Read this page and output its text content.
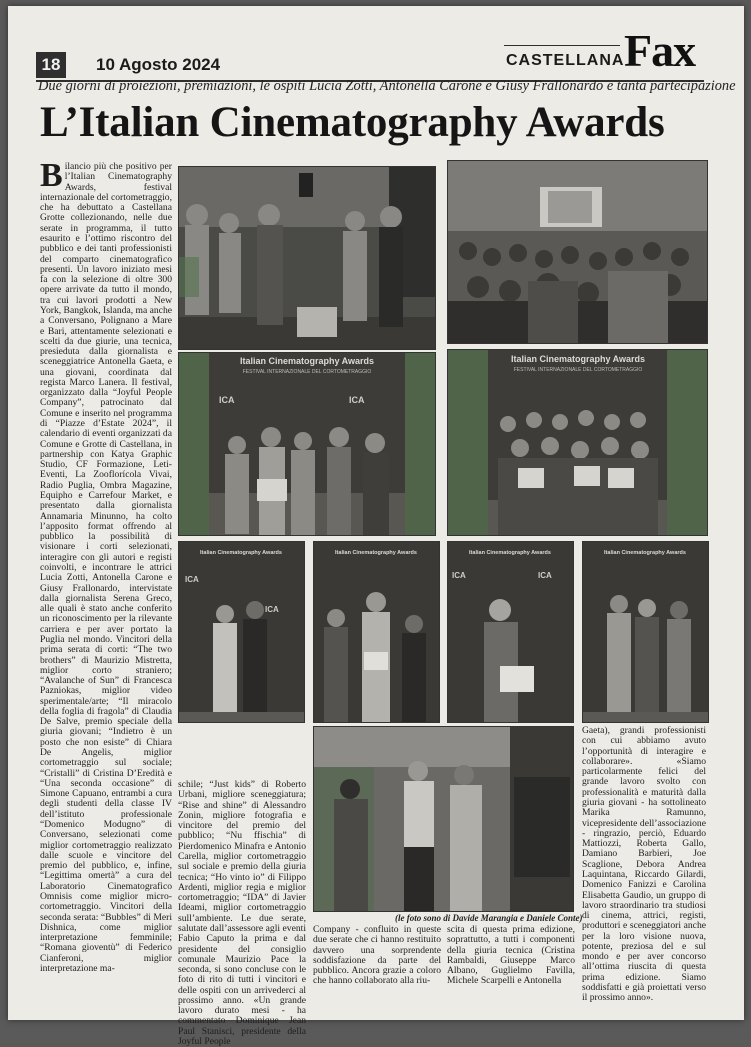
18	10 Agosto 2024	CASTELLANA Fax
Due giorni di proiezioni, premiazioni, le ospiti Lucia Zotti, Antonella Carone e Giusy Frallonardo e tanta partecipazione
L’Italian Cinematography Awards
Bilancio più che positivo per l’Italian Cinematography Awards, festival internazionale del cortometraggio, che ha debuttato a Castellana Grotte collezionando, nelle due serate in programma, il tutto esaurito e l’ottimo riscontro del pubblico e dei tanti professionisti del comparto cinematografico presenti. Un lavoro iniziato mesi fa con la selezione di oltre 300 opere arrivate da tutto il mondo, tra cui lavori prodotti a New York, Bangkok, Islanda, ma anche a Conversano, Polignano a Mare e Bari, attentamente selezionati e scelti da due giurie, una tecnica, presieduta dalla giornalista e sceneggiatrice Antonella Gaeta, e una giovani, coordinata dal regista Marco Lanera. Il festival, organizzato dalla “Joyful People Company”, patrocinato dal Comune e inserito nel programma di “Piazze d’Estate 2024”, il calendario di eventi organizzati da Comune e Grotte di Castellana, in partnership con Katya Graphic Studio, CF Formazione, Leti-Eventi, La Zooflorícola Vivai, Radio Puglia, Ombra Magazine, Equipho e Carrefour Market, e presentato dalla giornalista Annamaria Minunno, ha colto l’apposito format offrendo al pubblico la possibilità di visionare i corti selezionati, interagire con gli autori e registi coinvolti, e incontrare le attrici Lucia Zotti, Antonella Carone e Giusy Frallonardo, intervistate dalla giornalista Serena Greco, alle quali è stato anche conferito un riconoscimento per la rilevante carriera e per aver portato la Puglia nel mondo. Vincitori della prima serata di corti: “The two brothers” di Maurizio Mistretta, miglior corto straniero; “Avalanche of Sun” di Francesca Pazniokas, miglior video sperimentale/arte; “Il miracolo della foglia di fragola” di Claudia De Salve, premio speciale della giuria giovani; “Indietro è un posto che non esiste” di Chiara De Angelis, miglior cortometraggio sul sociale; “Cristalli” di Cristina D’Eredità e “Una seconda occasione” di Simone Capuano, entrambi a cura degli studenti della classe IV dell’istituto professionale “Domenico Modugno” di Conversano, selezionati come miglior cortometraggio realizzato dalle scuole e vincitore del premio del pubblico, e, infine, “Legittima omertà” a cura del Laboratorio Cinematografico Omnisis come miglior micro-cortometraggio. Vincitori della seconda serata: “Bubbles” di Meri Dishnica, come miglior interpretazione femminile; “Romana gioventù” di Federico Cianferoni, miglior interpretazione ma-
Italian Cinematography Awards
FESTIVAL INTERNAZIONALE DEL CORTOMETRAGGIO
ICA	ICA
Italian Cinematography Awards
FESTIVAL INTERNAZIONALE DEL CORTOMETRAGGIO
Italian Cinematography Awards
ICA
ICA
Italian Cinematography Awards	Italian Cinematography Awards
ICA	ICA
Italian Cinematography Awards
schile; “Just kids” di Roberto Urbani, migliore sceneggiatura; “Rise and shine” di Alessandro Zonin, migliore fotografia e vincitore del premio del pubblico; “Nu ffischia” di Pierdomenico Minafra e Antonio Carella, miglior cortometraggio sul sociale e premio della giuria tecnica; “Ho vinto io” di Filippo Ardenti, miglior regia e miglior cortometraggio; “IDA” di Javier Ideami, miglior cortometraggio sull’ambiente. Le due serate, salutate dall’assessore agli eventi Fabio Caputo la prima e dal presidente del consiglio comunale Maurizio Pace la seconda, si sono concluse con le foto di rito di tutti i vincitori e delle ospiti con un arrivederci al prossimo anno. «Un grande lavoro durato mesi - ha commentato Dominique Jean Paul Stanisci, presidente della Joyful People
(le foto sono di Davide Marangia e Daniele Conte)
Company - confluito in queste due serate che ci hanno restituito davvero una sorprendente soddisfazione da parte del pubblico. Ancora grazie a coloro che hanno collaborato alla riu-
scita di questa prima edizione, soprattutto, a tutti i componenti della giuria tecnica (Cristina Rambaldi, Giuseppe Marco Albano, Guglielmo Favilla, Michele Scarpelli e Antonella
Gaeta), grandi professionisti con cui abbiamo avuto l’opportunità di interagire e collaborare». «Siamo particolarmente felici del grande lavoro svolto con professionalità e maturità dalla giuria giovani - ha sottolineato Marika Ramunno, vicepresidente dell’associazione - ringrazio, perciò, Eduardo Mattiozzi, Roberta Gallo, Damiano Barbieri, Joe Scaglione, Debora Andrea Laquintana, Riccardo Gilardi, Domenico Fanizzi e Carolina Elisabetta Gaudio, un gruppo di lavoro straordinario tra studiosi di cinema, attrici, registi, produttori e sceneggiatori anche per la loro visione nuova, potente, preziosa del e sul mondo e per aver concorso all’ottima riuscita di questa prima edizione. Siamo soddisfatti e già proiettati verso il prossimo anno».
